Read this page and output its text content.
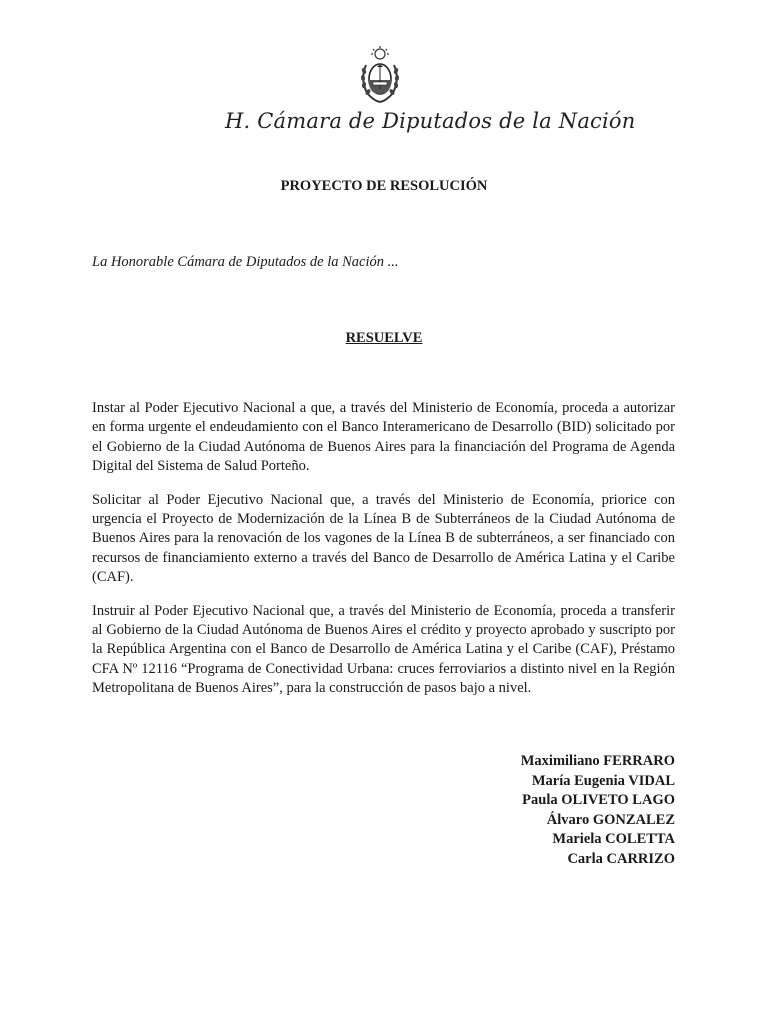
H. Cámara de Diputados de la Nación
PROYECTO DE RESOLUCIÓN
La Honorable Cámara de Diputados de la Nación ...
RESUELVE

Instar al Poder Ejecutivo Nacional a que, a través del Ministerio de Economía, proceda a autorizar en forma urgente el endeudamiento con el Banco Interamericano de Desarrollo (BID) solicitado por el Gobierno de la Ciudad Autónoma de Buenos Aires para la financiación del Programa de Agenda Digital del Sistema de Salud Porteño.

Solicitar al Poder Ejecutivo Nacional que, a través del Ministerio de Economía, priorice con urgencia el Proyecto de Modernización de la Línea B de Subterráneos de la Ciudad Autónoma de Buenos Aires para la renovación de los vagones de la Línea B de subterráneos, a ser financiado con recursos de financiamiento externo a través del Banco de Desarrollo de América Latina y el Caribe (CAF).

Instruir al Poder Ejecutivo Nacional que, a través del Ministerio de Economía, proceda a transferir al Gobierno de la Ciudad Autónoma de Buenos Aires el crédito y proyecto aprobado y suscripto por la República Argentina con el Banco de Desarrollo de América Latina y el Caribe (CAF), Préstamo CFA Nº 12116 “Programa de Conectividad Urbana: cruces ferroviarios a distinto nivel en la Región Metropolitana de Buenos Aires”, para la construcción de pasos bajo a nivel.

Maximiliano FERRARO
María Eugenia VIDAL
Paula OLIVETO LAGO
Álvaro GONZALEZ
Mariela COLETTA
Carla CARRIZO
